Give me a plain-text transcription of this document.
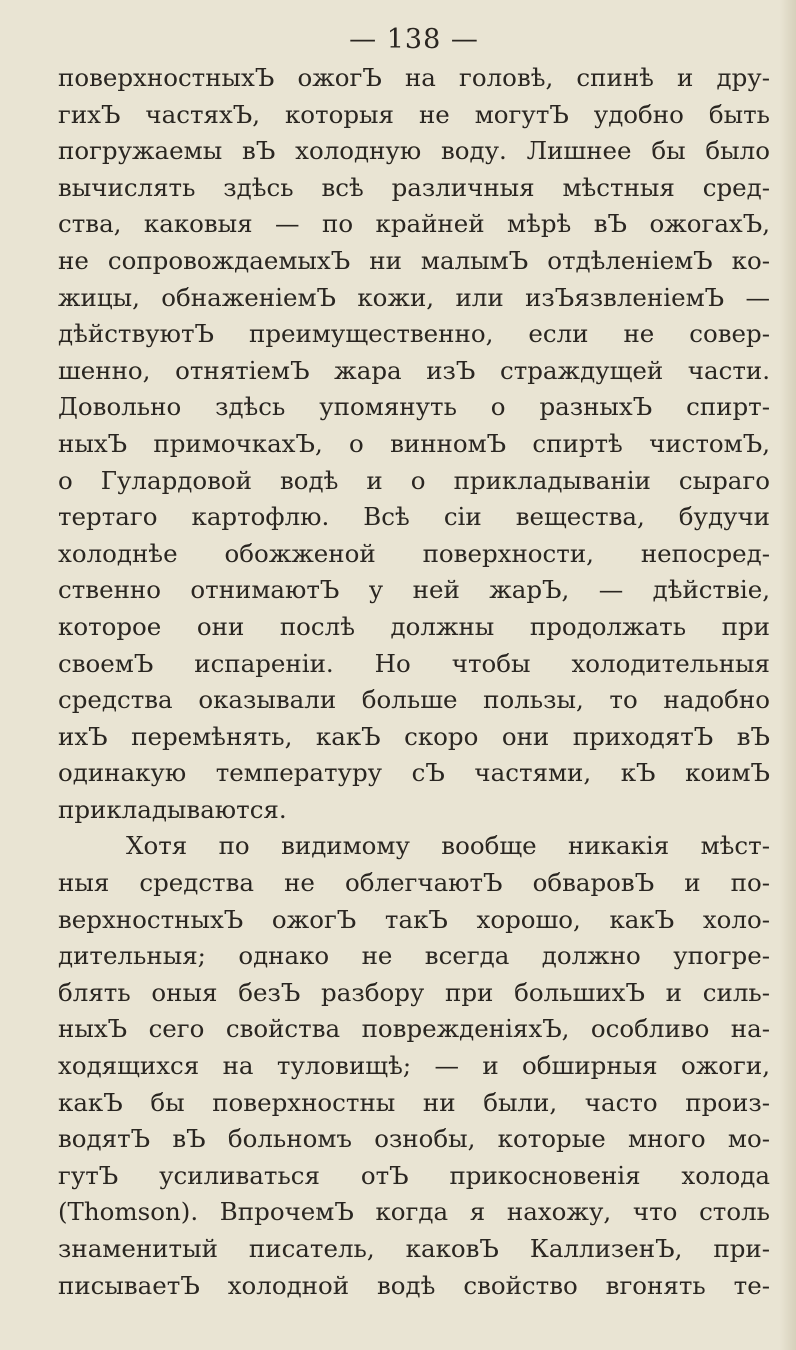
— 138 —
поверхностныхЪ ожогЪ на головѣ, спинѣ и дру-
гихЪ частяхЪ, которыя не могутЪ удобно быть
погружаемы вЪ холодную воду. Лишнее бы было
вычислять здѣсь всѣ различныя мѣстныя сред-
ства, каковыя — по крайней мѣрѣ вЪ ожогахЪ,
не сопровождаемыхЪ ни малымЪ отдѣленіемЪ ко-
жицы, обнаженіемЪ кожи, или изЪязвленіемЪ —
дѣйствуютЪ преимущественно, если не совер-
шенно, отнятіемЪ жара изЪ страждущей части.
Довольно здѣсь упомянуть о разныхЪ спирт-
ныхЪ примочкахЪ, о винномЪ спиртѣ чистомЪ,
о Гулардовой водѣ и о прикладываніи сыраго
тертаго картофлю. Всѣ сіи вещества, будучи
холоднѣе обожженой поверхности, непосред-
ственно отнимаютЪ у ней жарЪ, — дѣйствіе,
которое они послѣ должны продолжать при
своемЪ испареніи. Но чтобы холодительныя
средства оказывали больше пользы, то надобно
ихЪ перемѣнять, какЪ скоро они приходятЪ вЪ
одинакую температуру сЪ частями, кЪ коимЪ
прикладываются.
Хотя по видимому вообще никакія мѣст-
ныя средства не облегчаютЪ обваровЪ и по-
верхностныхЪ ожогЪ такЪ хорошо, какЪ холо-
дительныя; однако не всегда должно упогре-
блять оныя безЪ разбору при большихЪ и силь-
ныхЪ сего свойства поврежденіяхЪ, особливо на-
ходящихся на туловищѣ; — и обширныя ожоги,
какЪ бы поверхностны ни были, часто произ-
водятЪ вЪ больномъ ознобы, которые много мо-
гутЪ усиливаться отЪ прикосновенія холода
(Thomson). ВпрочемЪ когда я нахожу, что столь
знаменитый писатель, каковЪ КаллизенЪ, при-
писываетЪ холодной водѣ свойство вгонять те-
